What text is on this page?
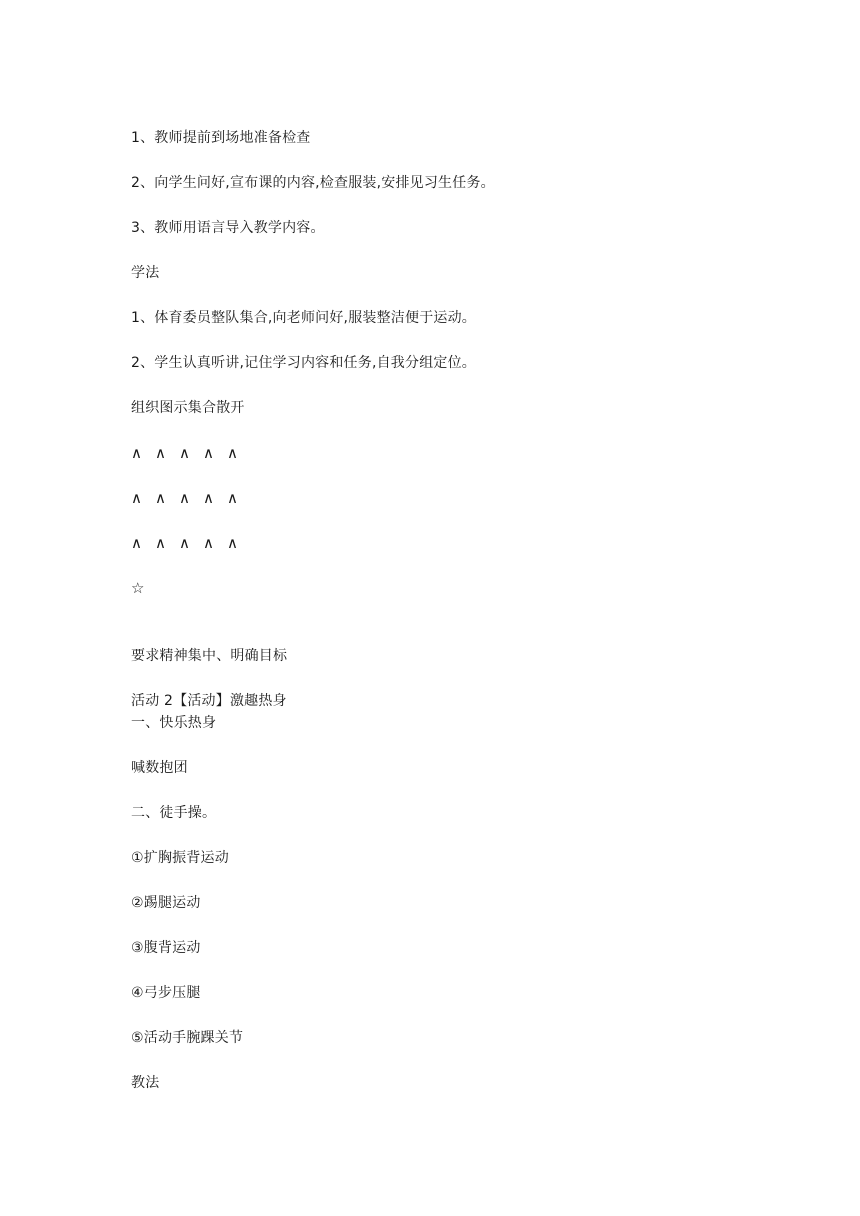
1、教师提前到场地准备检查
2、向学生问好,宣布课的内容,检查服装,安排见习生任务。
3、教师用语言导入教学内容。
学法
1、体育委员整队集合,向老师问好,服装整洁便于运动。
2、学生认真听讲,记住学习内容和任务,自我分组定位。
组织图示集合散开
∧ ∧ ∧ ∧ ∧
∧ ∧ ∧ ∧ ∧
∧ ∧ ∧ ∧ ∧
☆
要求精神集中、明确目标
活动 2【活动】激趣热身
一、快乐热身
喊数抱团
二、徒手操。
①扩胸振背运动
②踢腿运动
③腹背运动
④弓步压腿
⑤活动手腕踝关节
教法
